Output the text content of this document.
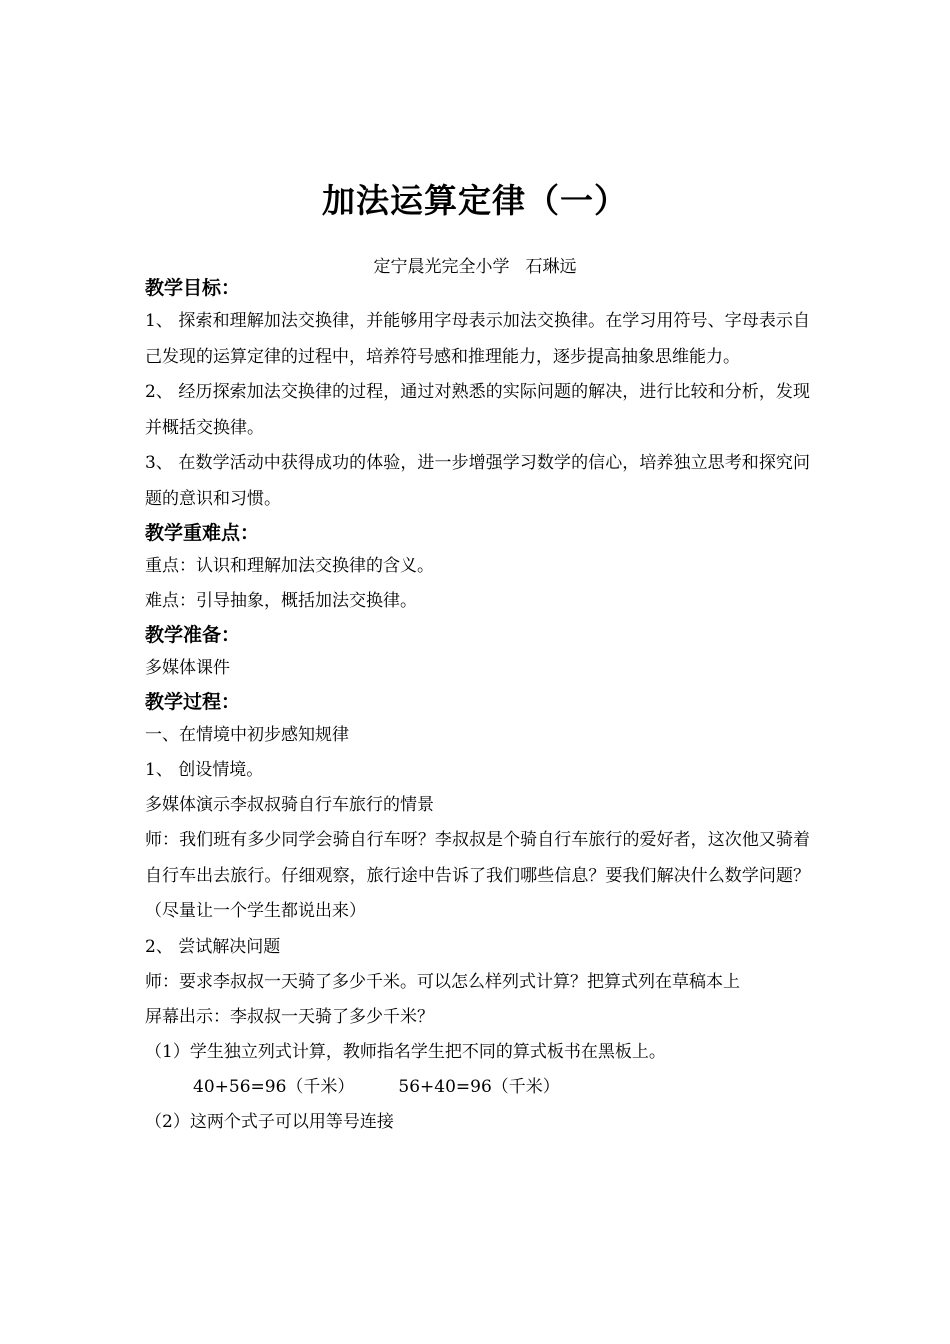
加法运算定律（一）
定宁晨光完全小学 石琳远
教学目标：
1、 探索和理解加法交换律，并能够用字母表示加法交换律。在学习用符号、字母表示自己发现的运算定律的过程中，培养符号感和推理能力，逐步提高抽象思维能力。
2、 经历探索加法交换律的过程，通过对熟悉的实际问题的解决，进行比较和分析，发现并概括交换律。
3、 在数学活动中获得成功的体验，进一步增强学习数学的信心，培养独立思考和探究问题的意识和习惯。
教学重难点：
重点：认识和理解加法交换律的含义。
难点：引导抽象，概括加法交换律。
教学准备：
多媒体课件
教学过程：
一、在情境中初步感知规律
1、 创设情境。
多媒体演示李叔叔骑自行车旅行的情景
师：我们班有多少同学会骑自行车呀？李叔叔是个骑自行车旅行的爱好者，这次他又骑着自行车出去旅行。仔细观察，旅行途中告诉了我们哪些信息？要我们解决什么数学问题？（尽量让一个学生都说出来）
2、 尝试解决问题
师：要求李叔叔一天骑了多少千米。可以怎么样列式计算？把算式列在草稿本上
屏幕出示：李叔叔一天骑了多少千米？
（1）学生独立列式计算，教师指名学生把不同的算式板书在黑板上。
40+56=96（千米）	56+40=96（千米）
（2）这两个式子可以用等号连接
